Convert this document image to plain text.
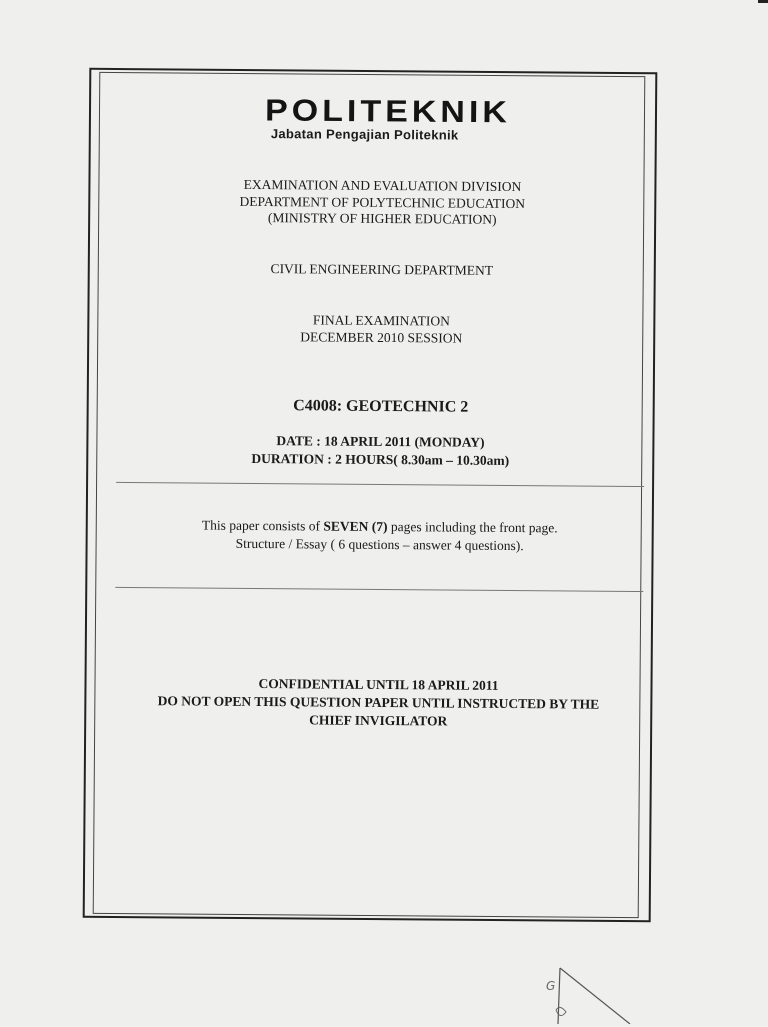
POLITEKNIK
Jabatan Pengajian Politeknik
EXAMINATION AND EVALUATION DIVISION
DEPARTMENT OF POLYTECHNIC EDUCATION
(MINISTRY OF HIGHER EDUCATION)
CIVIL ENGINEERING DEPARTMENT
FINAL EXAMINATION
DECEMBER 2010 SESSION
C4008: GEOTECHNIC 2
DATE : 18 APRIL 2011 (MONDAY)
DURATION : 2 HOURS( 8.30am – 10.30am)
This paper consists of SEVEN (7) pages including the front page.
Structure / Essay ( 6 questions – answer 4 questions).
CONFIDENTIAL UNTIL 18 APRIL 2011
DO NOT OPEN THIS QUESTION PAPER UNTIL INSTRUCTED BY THE
CHIEF INVIGILATOR
G
